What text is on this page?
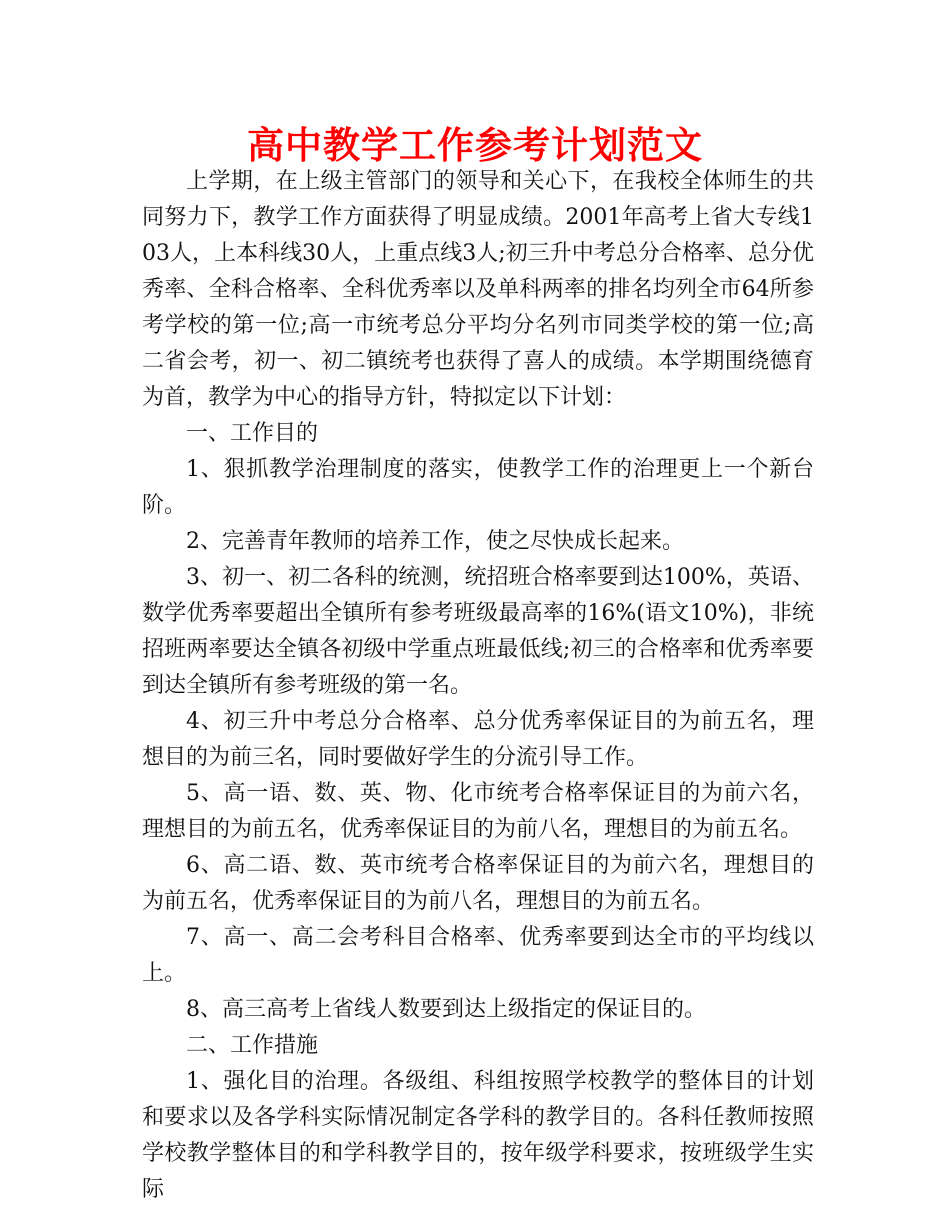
高中教学工作参考计划范文

上学期，在上级主管部门的领导和关心下，在我校全体师生的共同努力下，教学工作方面获得了明显成绩。2001年高考上省大专线103人，上本科线30人，上重点线3人;初三升中考总分合格率、总分优秀率、全科合格率、全科优秀率以及单科两率的排名均列全市64所参考学校的第一位;高一市统考总分平均分名列市同类学校的第一位;高二省会考，初一、初二镇统考也获得了喜人的成绩。本学期围绕德育为首，教学为中心的指导方针，特拟定以下计划：

一、工作目的

1、狠抓教学治理制度的落实，使教学工作的治理更上一个新台阶。

2、完善青年教师的培养工作，使之尽快成长起来。

3、初一、初二各科的统测，统招班合格率要到达100%，英语、数学优秀率要超出全镇所有参考班级最高率的16%(语文10%)，非统招班两率要达全镇各初级中学重点班最低线;初三的合格率和优秀率要到达全镇所有参考班级的第一名。

4、初三升中考总分合格率、总分优秀率保证目的为前五名，理想目的为前三名，同时要做好学生的分流引导工作。

5、高一语、数、英、物、化市统考合格率保证目的为前六名，理想目的为前五名，优秀率保证目的为前八名，理想目的为前五名。

6、高二语、数、英市统考合格率保证目的为前六名，理想目的为前五名，优秀率保证目的为前八名，理想目的为前五名。

7、高一、高二会考科目合格率、优秀率要到达全市的平均线以上。

8、高三高考上省线人数要到达上级指定的保证目的。

二、工作措施

1、强化目的治理。各级组、科组按照学校教学的整体目的计划和要求以及各学科实际情况制定各学科的教学目的。各科任教师按照学校教学整体目的和学科教学目的，按年级学科要求，按班级学生实际
